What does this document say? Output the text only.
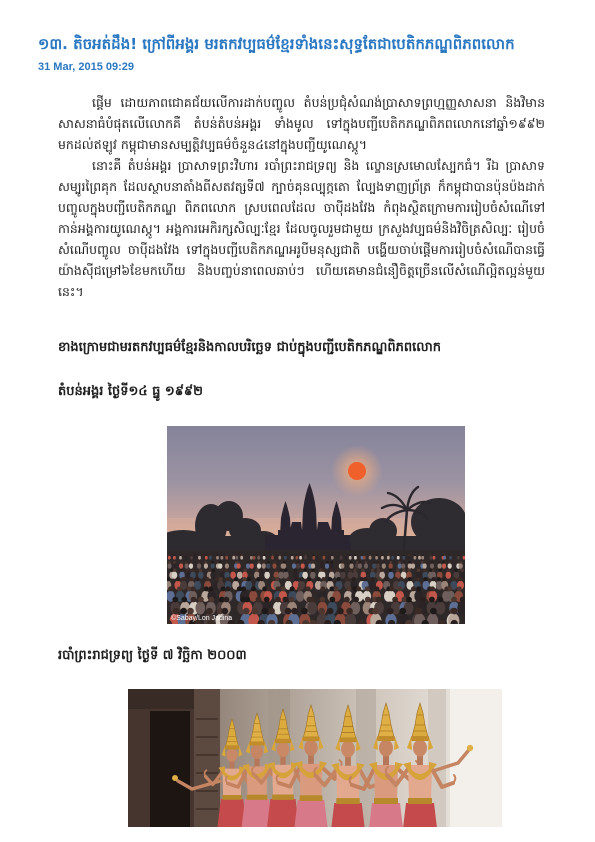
១៣. តិចអត់ដឹង! ក្រៅពីអង្គរ មរតកវប្បធម៌ខ្មែរទាំងនេះសុទ្ធតែជាបេតិកភណ្ឌពិភពលោក
31 Mar, 2015 09:29

ផ្តើម ដោយភាពជោគជ័យលើការដាក់បញ្ចូល តំបន់ប្រជុំសំណង់ប្រាសាទព្រហ្មញ្ញសាសនា និងវិមានសាសនាធំបំផុតលើលោកគឺ តំបន់តំបន់អង្គរ ទាំងមូល ទៅក្នុងបញ្ជីបេតិកភណ្ឌពិភពលោកនៅឆ្នាំ១៩៩២ មកដល់ឥឡូវ កម្ពុជាមានសម្បត្តិវប្បធម៌ចំនួន៤នៅក្នុងបញ្ជីយូណេស្កូ។

នោះគឺ តំបន់អង្គរ ប្រាសាទព្រះវិហារ របាំព្រះរាជទ្រព្យ និង ល្ខោនស្រមោលស្បែកធំ។ រីឯ ប្រាសាទសម្បូរព្រៃគុក ដែលស្ថាបនាតាំងពីសតវត្សទី៧ ក្បាច់គុនល្បុក្កតោ ល្បែងទាញព្រ័ត្រ ក៏កម្ពុជាបានប៉ុនប៉ងដាក់បញ្ចូលក្នុងបញ្ជីបេតិកភណ្ឌ ពិភពលោក ស្របពេលដែល ចាប៉ីដងវែង កំពុងស្ថិតក្រោមការរៀបចំសំណើទៅកាន់អង្គការយូណេស្កូ។ អង្គការអេកិរក្សសិល្បៈខ្មែរ ដែលចូលរួមជាមួយ ក្រសួងវប្បធម៌និងវិចិត្រសិល្បៈ រៀបចំសំណើបញ្ចូល ចាប៉ីដងវែង ទៅក្នុងបញ្ជីបេតិកភណ្ឌអរូបីមនុស្សជាតិ បង្ហើយចាប់ផ្តើមការរៀបចំសំណើបានធ្វើយ៉ាងសុីជម្រៅ៦ខែមកហើយ និងបញ្ចប់នាពេលឆាប់ៗ ហើយគេមានជំនឿចិត្តច្រើនលើសំណើល្អិតល្អន់មួយនេះ។

ខាងក្រោមជាមរតកវប្បធម៌ខ្មែរនិងកាលបរិច្ឆេទ ជាប់ក្នុងបញ្ជីបេតិកភណ្ឌពិភពលោក
តំបន់អង្គរ ថ្ងៃទី១៤ ធ្នូ ១៩៩២
©Sabay/Lon Jadina
របាំព្រះរាជទ្រព្យ ថ្ងៃទី ៧ វិច្ឆិកា ២០០៣
